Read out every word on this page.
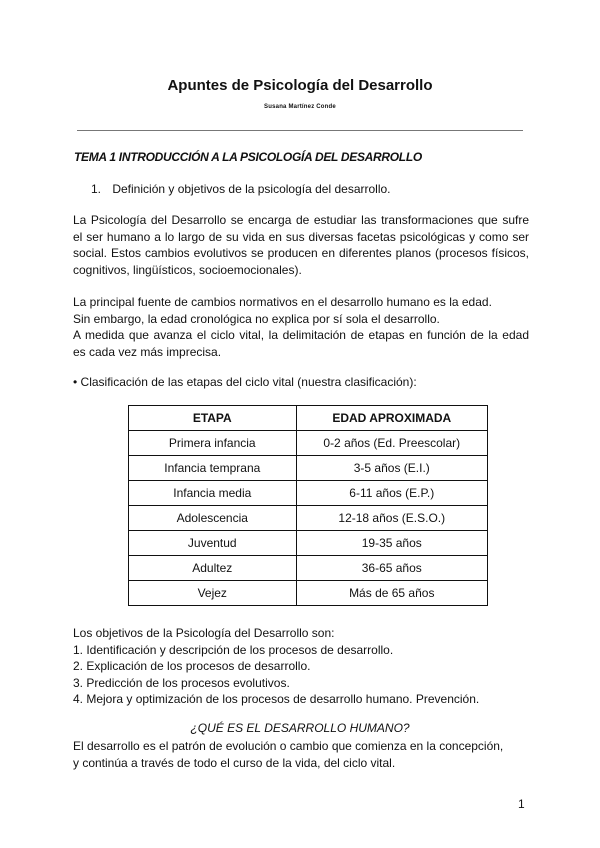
Apuntes de Psicología del Desarrollo
Susana Martínez Conde
TEMA 1 INTRODUCCIÓN A LA PSICOLOGÍA DEL DESARROLLO
1. Definición y objetivos de la psicología del desarrollo.
La Psicología del Desarrollo se encarga de estudiar las transformaciones que sufre
el ser humano a lo largo de su vida en sus diversas facetas psicológicas y como ser
social. Estos cambios evolutivos se producen en diferentes planos (procesos físicos,
cognitivos, lingüísticos, socioemocionales).
La principal fuente de cambios normativos en el desarrollo humano es la edad.
Sin embargo, la edad cronológica no explica por sí sola el desarrollo.
A medida que avanza el ciclo vital, la delimitación de etapas en función de la edad
es cada vez más imprecisa.
• Clasificación de las etapas del ciclo vital (nuestra clasificación):
ETAPA	EDAD APROXIMADA
Primera infancia	0-2 años (Ed. Preescolar)
Infancia temprana	3-5 años (E.I.)
Infancia media	6-11 años (E.P.)
Adolescencia	12-18 años (E.S.O.)
Juventud	19-35 años
Adultez	36-65 años
Vejez	Más de 65 años
Los objetivos de la Psicología del Desarrollo son:
1. Identificación y descripción de los procesos de desarrollo.
2. Explicación de los procesos de desarrollo.
3. Predicción de los procesos evolutivos.
4. Mejora y optimización de los procesos de desarrollo humano. Prevención.
¿QUÉ ES EL DESARROLLO HUMANO?
El desarrollo es el patrón de evolución o cambio que comienza en la concepción,
y continúa a través de todo el curso de la vida, del ciclo vital.
1
